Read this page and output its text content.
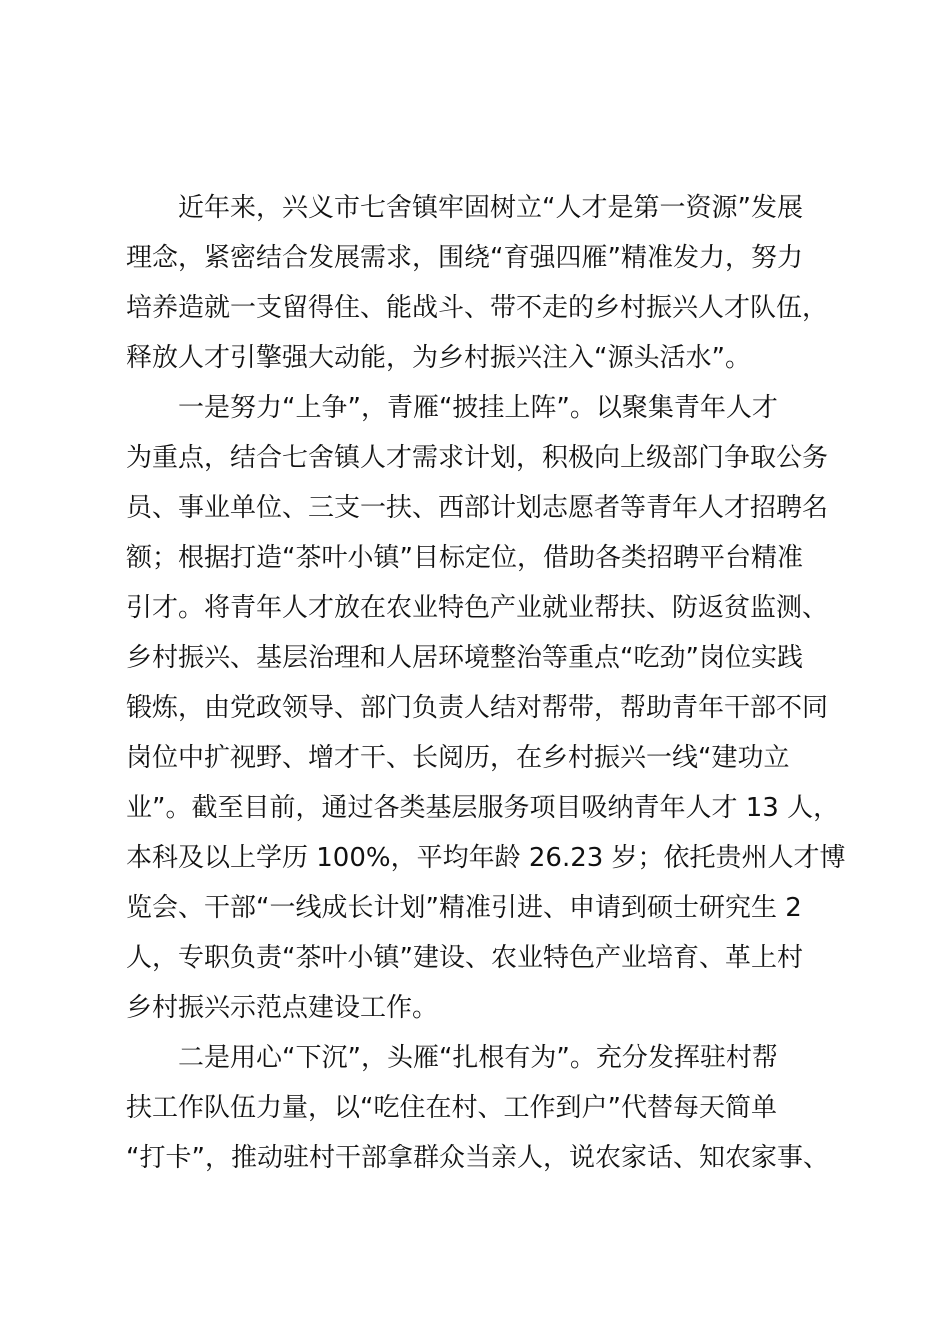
近年来，兴义市七舍镇牢固树立“人才是第一资源”发展
理念，紧密结合发展需求，围绕“育强四雁”精准发力，努力
培养造就一支留得住、能战斗、带不走的乡村振兴人才队伍，
释放人才引擎强大动能，为乡村振兴注入“源头活水”。

一是努力“上争”，青雁“披挂上阵”。以聚集青年人才
为重点，结合七舍镇人才需求计划，积极向上级部门争取公务
员、事业单位、三支一扶、西部计划志愿者等青年人才招聘名
额；根据打造“茶叶小镇”目标定位，借助各类招聘平台精准
引才。将青年人才放在农业特色产业就业帮扶、防返贫监测、
乡村振兴、基层治理和人居环境整治等重点“吃劲”岗位实践
锻炼，由党政领导、部门负责人结对帮带，帮助青年干部不同
岗位中扩视野、增才干、长阅历，在乡村振兴一线“建功立
业”。截至目前，通过各类基层服务项目吸纳青年人才 13 人，
本科及以上学历 100%，平均年龄 26.23 岁；依托贵州人才博
览会、干部“一线成长计划”精准引进、申请到硕士研究生 2
人，专职负责“茶叶小镇”建设、农业特色产业培育、革上村
乡村振兴示范点建设工作。

二是用心“下沉”，头雁“扎根有为”。充分发挥驻村帮
扶工作队伍力量，以“吃住在村、工作到户”代替每天简单
“打卡”，推动驻村干部拿群众当亲人，说农家话、知农家事、
